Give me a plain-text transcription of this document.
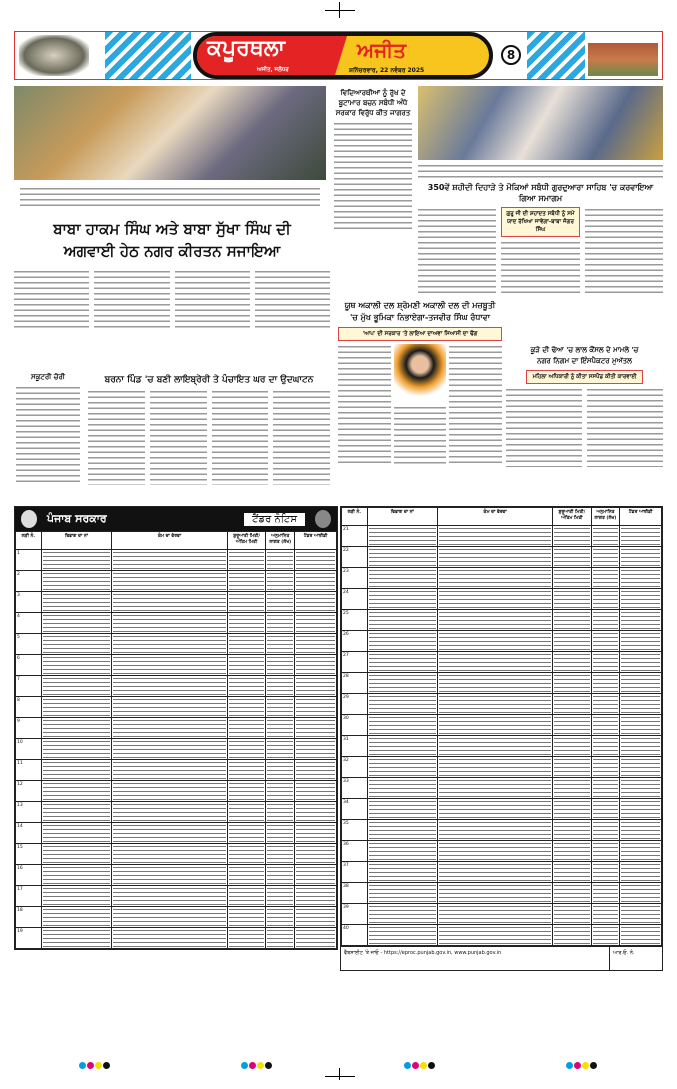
ਕਪੂਰਥਲਾ	ਅਜੀਤ
ਅਜੀਤ, ਜਲੰਧਰ	ਸ਼ਨਿੱਚਰਵਾਰ, 22 ਨਵੰਬਰ 2025
8
ਬਾਬਾ ਹਾਕਮ ਸਿੰਘ ਅਤੇ ਬਾਬਾ ਸੁੱਖਾ ਸਿੰਘ ਦੀ
ਅਗਵਾਈ ਹੇਠ ਨਗਰ ਕੀਰਤਨ ਸਜਾਇਆ
ਵਿਦਿਆਰਥੀਆਂ ਨੂੰ ਰੁੱਖ ਦੇ ਬੂਟਾਮਾਰ ਬਚਨ ਸਬੰਧੀ ਅੰਧੇ ਸਰਕਾਰ ਵਿਰੁੱਧ ਕੀਤ ਜਾਗਰਤ
350ਵੇਂ ਸ਼ਹੀਦੀ ਦਿਹਾੜੇ ਤੇ ਮੌਕਿਆਂ ਸਬੰਧੀ ਗੁਰਦੁਆਰਾ ਸਾਹਿਬ 'ਚ ਕਰਵਾਇਆ ਗਿਆ ਸਮਾਗਮ
ਗੁਰੂ ਜੀ ਦੀ ਸ਼ਹਾਦਤ ਸਬੰਧੀ ਨੂੰ ਸਮੇਂ ਯਾਦ ਰੱਖਿਆ ਜਾਵੇਗਾ-ਬਾਬਾ ਜੰਗਰ ਸਿੰਘ
ਯੂਥ ਅਕਾਲੀ ਦਲ ਸ਼੍ਰੋਮਣੀ ਅਕਾਲੀ ਦਲ ਦੀ ਮਜ਼ਬੂਤੀ
'ਚ ਮੁੱਖ ਭੂਮਿਕਾ ਨਿਭਾਏਗਾ-ਤਜਵੀਰ ਸਿੰਘ ਰੰਧਾਵਾ
'ਆਪ' ਦੀ ਸਰਕਾਰ 'ਤੇ ਲਾਇਆ ਦਾਅਵਾ ਸਿਆਸੀ ਦਾ ਢੌਂਗ
ਕੂੜੇ ਦੀ ਢੋਆ 'ਚ ਲਾਲ ਕੌਂਸਲ ਦੇ ਮਾਮਲੇ 'ਚ
ਨਗਰ ਨਿਗਮ ਦਾ ਇੰਸਪੈਕਟਰ ਮੁਅੱਤਲ
ਮਹਿਲਾ ਅਧਿਕਾਰੀ ਨੂੰ ਕੀਤਾ ਸਸਪੈਂਡ ਕੀਤੀ ਕਾਰਵਾਈ
ਸਕੂਟਰੀ ਚੋਰੀ	ਬਰਨਾ ਪਿੰਡ 'ਚ ਬਣੀ ਲਾਇਬ੍ਰੇਰੀ ਤੇ ਪੰਚਾਇਤ ਘਰ ਦਾ ਉਦਘਾਟਨ
ਪੰਜਾਬ ਸਰਕਾਰ	ਟੈਂਡਰ ਨੋਟਿਸ
ਲੜੀ ਨੰ.	ਵਿਭਾਗ ਦਾ ਨਾਂ	ਕੰਮ ਦਾ ਵੇਰਵਾ	ਸ਼ੁਰੂਆਤੀ ਮਿਤੀ/ ਅੰਤਿਮ ਮਿਤੀ	ਅਨੁਮਾਨਿਤ ਲਾਗਤ (ਲੱਖ)	ਟੈਂਡਰ ਆਈਡੀ
1	

2	

3	

4	

5	

6	

7	

8	

9	

10	

11	

12	

13	

14	

15	

16	

17	

18	

19	

ਲੜੀ ਨੰ.	ਵਿਭਾਗ ਦਾ ਨਾਂ	ਕੰਮ ਦਾ ਵੇਰਵਾ	ਸ਼ੁਰੂਆਤੀ ਮਿਤੀ/ ਅੰਤਿਮ ਮਿਤੀ	ਅਨੁਮਾਨਿਤ ਲਾਗਤ (ਲੱਖ)	ਟੈਂਡਰ ਆਈਡੀ
21	

22	

23	

24	

25	

26	

27	

28	

29	

30	

31	

32	

33	

34	

35	

36	

37	

38	

39	

40	

ਵੈੱਬਸਾਈਟ 'ਤੇ ਜਾਓ - https://eproc.punjab.gov.in, www.punjab.gov.in	ਆਰ.ਓ. ਨੰ.
